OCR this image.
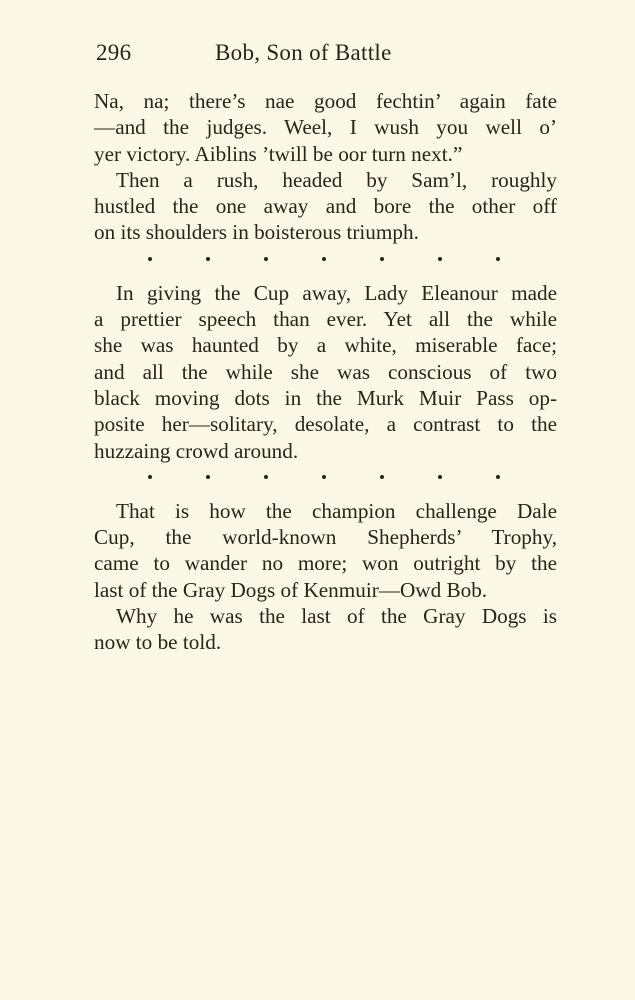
296	Bob, Son of Battle
Na, na; there’s nae good fechtin’ again fate
—and the judges. Weel, I wush you well o’
yer victory. Aiblins ’twill be oor turn next.”
Then a rush, headed by Sam’l, roughly
hustled the one away and bore the other off
on its shoulders in boisterous triumph.
In giving the Cup away, Lady Eleanour made
a prettier speech than ever. Yet all the while
she was haunted by a white, miserable face;
and all the while she was conscious of two
black moving dots in the Murk Muir Pass op-
posite her—solitary, desolate, a contrast to the
huzzaing crowd around.
That is how the champion challenge Dale
Cup, the world-known Shepherds’ Trophy,
came to wander no more; won outright by the
last of the Gray Dogs of Kenmuir—Owd Bob.
Why he was the last of the Gray Dogs is
now to be told.
